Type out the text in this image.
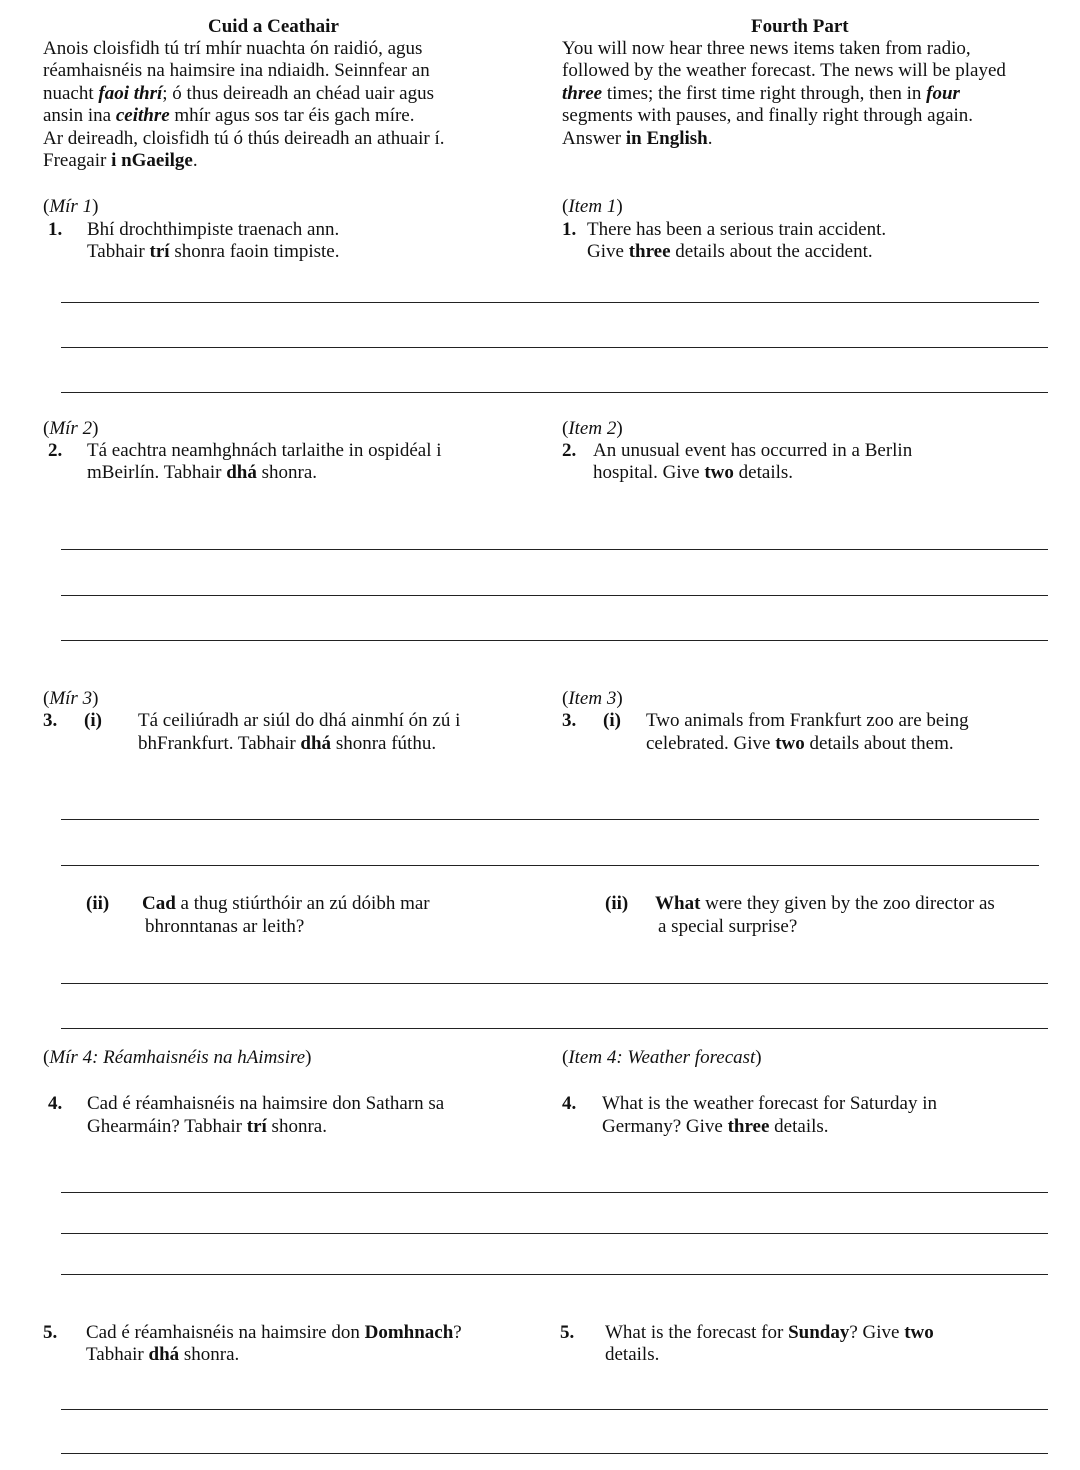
Cuid a Ceathair
Anois cloisfidh tú trí mhír nuachta ón raidió, agus
réamhaisnéis na haimsire ina ndiaidh. Seinnfear an
nuacht faoi thrí; ó thus deireadh an chéad uair agus
ansin ina ceithre mhír agus sos tar éis gach míre.
Ar deireadh, cloisfidh tú ó thús deireadh an athuair í.
Freagair i nGaeilge.
(Mír 1)
1. Bhí drochthimpiste traenach ann.
Tabhair trí shonra faoin timpiste.
(Mír 2)
2. Tá eachtra neamhghnách tarlaithe in ospidéal i
mBeirlín. Tabhair dhá shonra.
(Mír 3)
3. (i) Tá ceiliúradh ar siúl do dhá ainmhí ón zú i
bhFrankfurt. Tabhair dhá shonra fúthu.
(ii) Cad a thug stiúrthóir an zú dóibh mar
bhronntanas ar leith?
(Mír 4: Réamhaisnéis na hAimsire)
4. Cad é réamhaisnéis na haimsire don Satharn sa
Ghearmáin? Tabhair trí shonra.
5. Cad é réamhaisnéis na haimsire don Domhnach?
Tabhair dhá shonra.
Fourth Part
You will now hear three news items taken from radio,
followed by the weather forecast. The news will be played
three times; the first time right through, then in four
segments with pauses, and finally right through again.
Answer in English.
(Item 1)
1. There has been a serious train accident.
Give three details about the accident.
(Item 2)
2. An unusual event has occurred in a Berlin
hospital. Give two details.
(Item 3)
3. (i) Two animals from Frankfurt zoo are being
celebrated. Give two details about them.
(ii) What were they given by the zoo director as
a special surprise?
(Item 4: Weather forecast)
4. What is the weather forecast for Saturday in
Germany? Give three details.
5. What is the forecast for Sunday? Give two
details.
